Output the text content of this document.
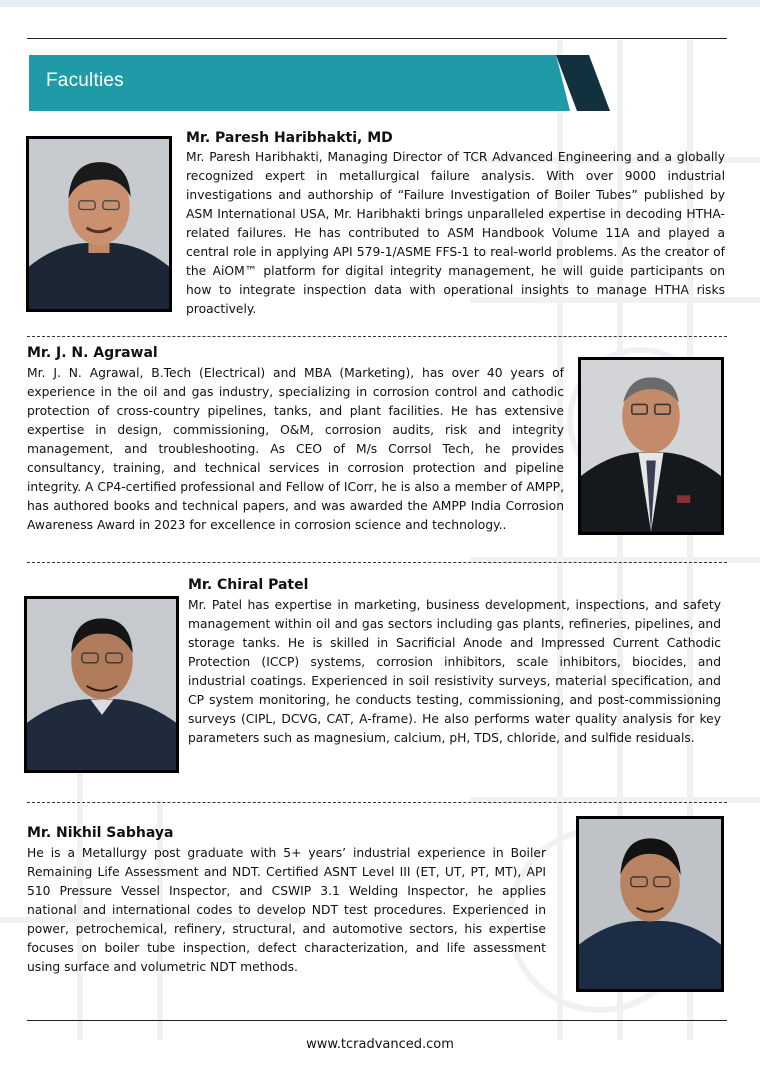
Faculties
Mr. Paresh Haribhakti, MD

Mr. Paresh Haribhakti, Managing Director of TCR Advanced Engineering and a globally recognized expert in metallurgical failure analysis. With over 9000 industrial investigations and authorship of “Failure Investigation of Boiler Tubes” published by ASM International USA, Mr. Haribhakti brings unparalleled expertise in decoding HTHA-related failures. He has contributed to ASM Handbook Volume 11A and played a central role in applying API 579-1/ASME FFS-1 to real-world problems. As the creator of the AiOM™ platform for digital integrity management, he will guide participants on how to integrate inspection data with operational insights to manage HTHA risks proactively.

Mr. J. N. Agrawal

Mr. J. N. Agrawal, B.Tech (Electrical) and MBA (Marketing), has over 40 years of experience in the oil and gas industry, specializing in corrosion control and cathodic protection of cross-country pipelines, tanks, and plant facilities. He has extensive expertise in design, commissioning, O&M, corrosion audits, risk and integrity management, and troubleshooting. As CEO of M/s Corrsol Tech, he provides consultancy, training, and technical services in corrosion protection and pipeline integrity. A CP4-certified professional and Fellow of ICorr, he is also a member of AMPP, has authored books and technical papers, and was awarded the AMPP India Corrosion Awareness Award in 2023 for excellence in corrosion science and technology..

Mr. Chiral Patel

Mr. Patel has expertise in marketing, business development, inspections, and safety management within oil and gas sectors including gas plants, refineries, pipelines, and storage tanks. He is skilled in Sacrificial Anode and Impressed Current Cathodic Protection (ICCP) systems, corrosion inhibitors, scale inhibitors, biocides, and industrial coatings. Experienced in soil resistivity surveys, material specification, and CP system monitoring, he conducts testing, commissioning, and post-commissioning surveys (CIPL, DCVG, CAT, A-frame). He also performs water quality analysis for key parameters such as magnesium, calcium, pH, TDS, chloride, and sulfide residuals.

Mr. Nikhil Sabhaya

He is a Metallurgy post graduate with 5+ years’ industrial experience in Boiler Remaining Life Assessment and NDT. Certified ASNT Level III (ET, UT, PT, MT), API 510 Pressure Vessel Inspector, and CSWIP 3.1 Welding Inspector, he applies national and international codes to develop NDT test procedures. Experienced in power, petrochemical, refinery, structural, and automotive sectors, his expertise focuses on boiler tube inspection, defect characterization, and life assessment using surface and volumetric NDT methods.

www.tcradvanced.com
